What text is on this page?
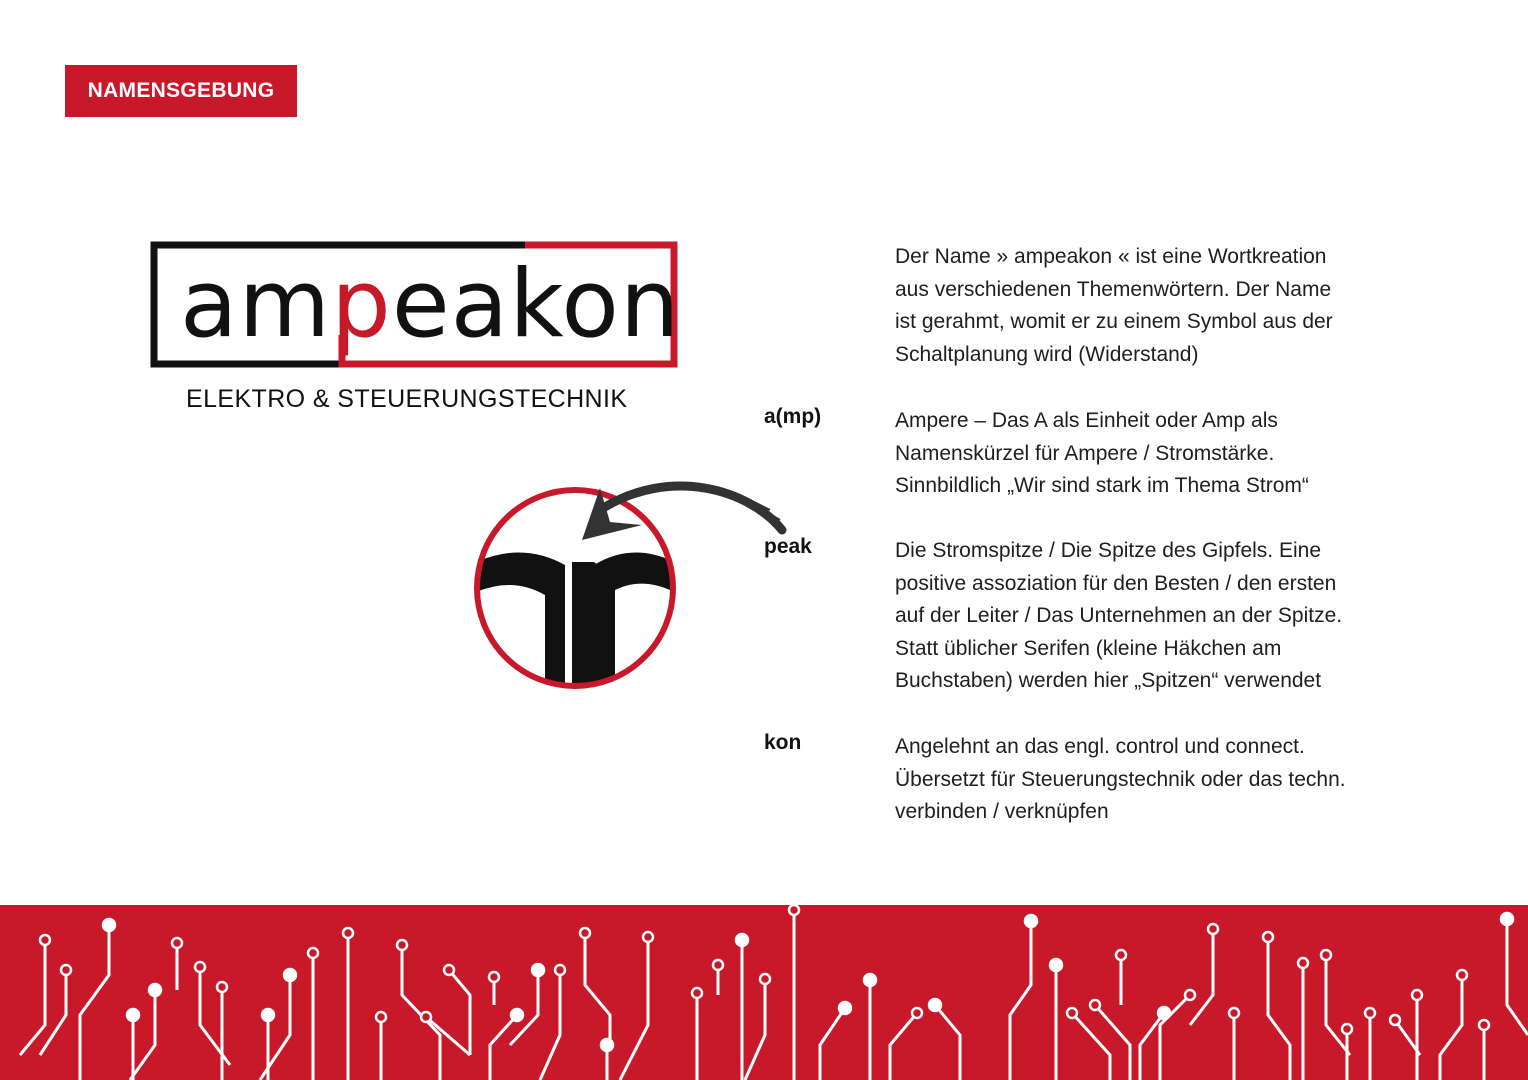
NAMENSGEBUNG
ampeakon
ELEKTRO & STEUERUNGSTECHNIK
Der Name » ampeakon « ist eine Wortkreation
aus verschiedenen Themenwörtern. Der Name
ist gerahmt, womit er zu einem Symbol aus der
Schaltplanung wird (Widerstand)
a(mp)	Ampere – Das A als Einheit oder Amp als
Namenskürzel für Ampere / Stromstärke.
Sinnbildlich „Wir sind stark im Thema Strom“
peak	Die Stromspitze / Die Spitze des Gipfels. Eine
positive assoziation für den Besten / den ersten
auf der Leiter / Das Unternehmen an der Spitze.
Statt üblicher Serifen (kleine Häkchen am
Buchstaben) werden hier „Spitzen“ verwendet
kon	Angelehnt an das engl. control und connect.
Übersetzt für Steuerungstechnik oder das techn.
verbinden / verknüpfen
